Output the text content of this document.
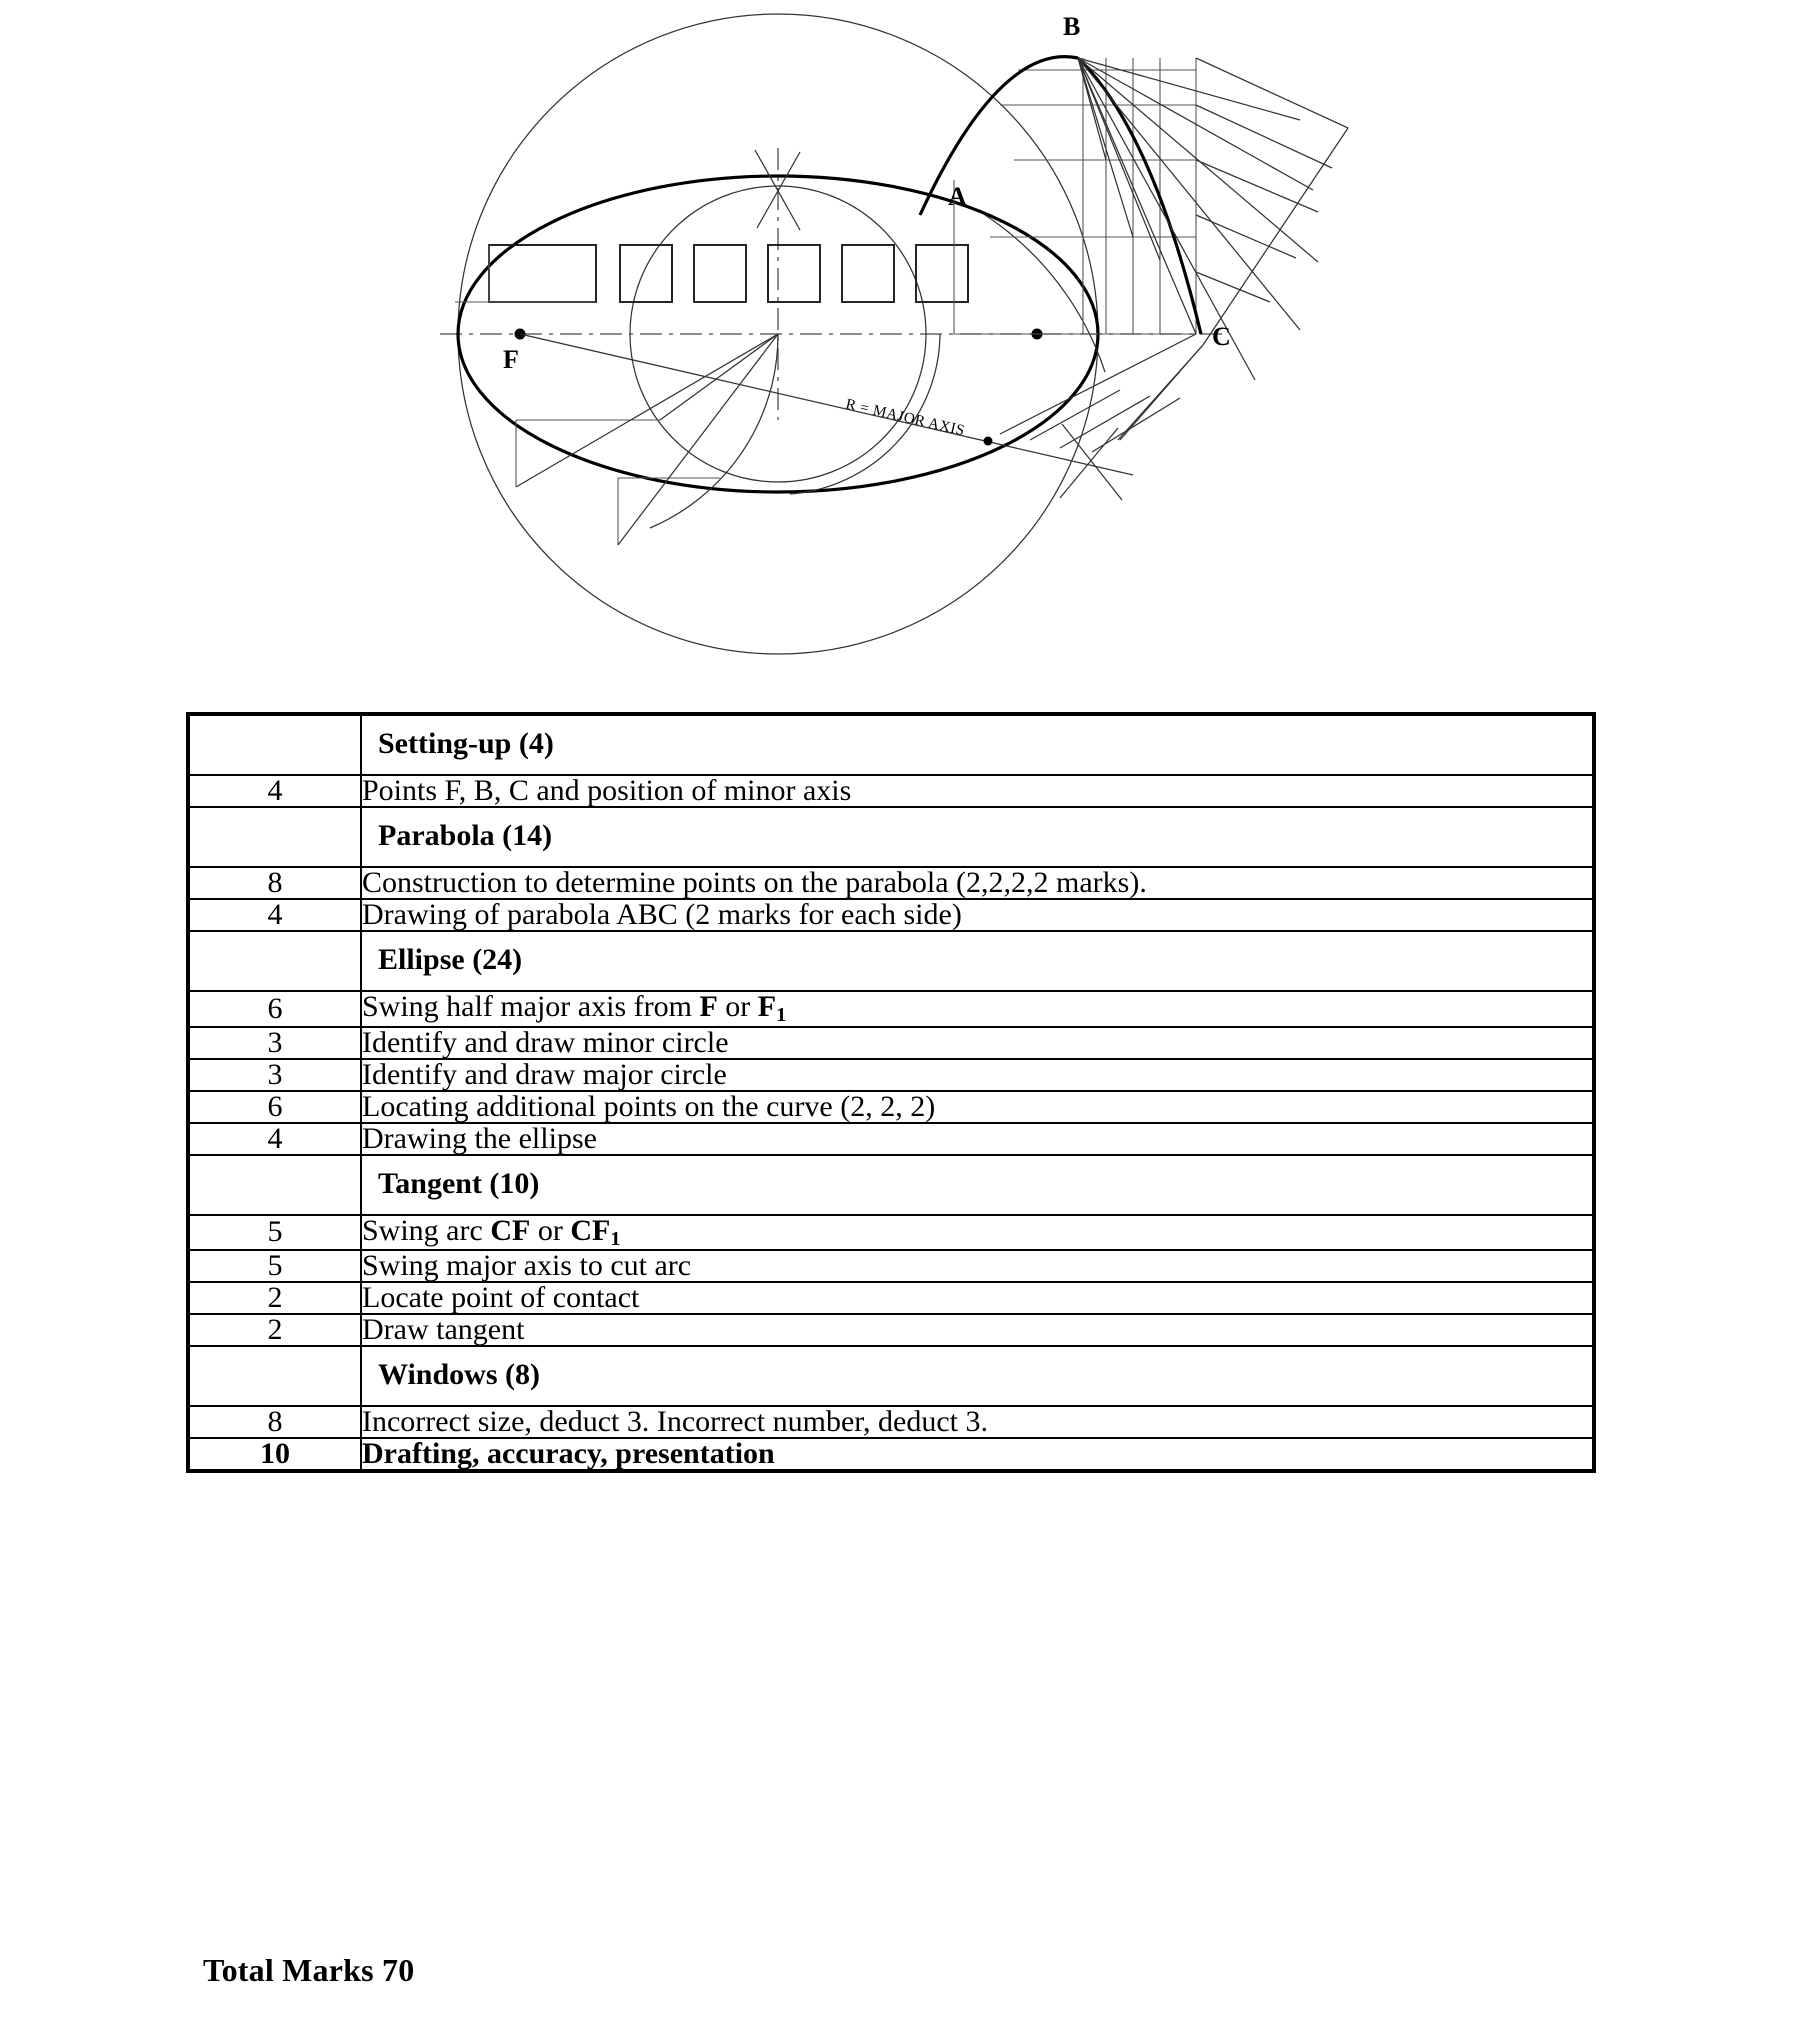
F
R = MAJOR AXIS
A
B
C
	Setting-up (4)
4	Points F, B, C and position of minor axis
	Parabola (14)
8	Construction to determine points on the parabola (2,2,2,2 marks).
4	Drawing of parabola ABC (2 marks for each side)
	Ellipse (24)
6	Swing half major axis from F or $F_1$
3	Identify and draw minor circle
3	Identify and draw major circle
6	Locating additional points on the curve (2, 2, 2)
4	Drawing the ellipse
	Tangent (10)
5	Swing arc CF or $CF_1$
5	Swing major axis to cut arc
2	Locate point of contact
2	Draw tangent
	Windows (8)
8	Incorrect size, deduct 3. Incorrect number, deduct 3.
10	Drafting, accuracy, presentation
Total Marks 70
